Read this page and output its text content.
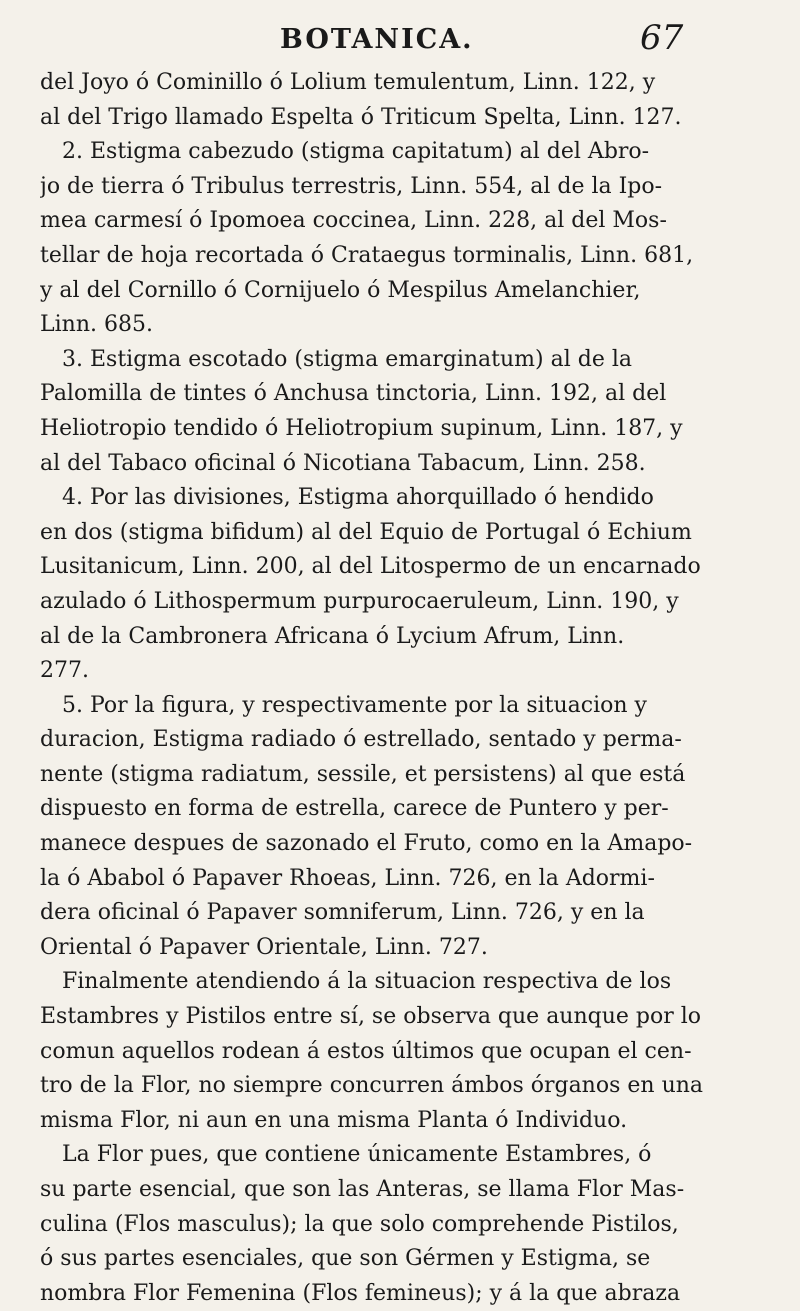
BOTANICA.	67
del Joyo ó Cominillo ó Lolium temulentum, Linn. 122, y
al del Trigo llamado Espelta ó Triticum Spelta, Linn. 127.
2. Estigma cabezudo (stigma capitatum) al del Abro-
jo de tierra ó Tribulus terrestris, Linn. 554, al de la Ipo-
mea carmesí ó Ipomoea coccinea, Linn. 228, al del Mos-
tellar de hoja recortada ó Crataegus torminalis, Linn. 681,
y al del Cornillo ó Cornijuelo ó Mespilus Amelanchier,
Linn. 685.
3. Estigma escotado (stigma emarginatum) al de la
Palomilla de tintes ó Anchusa tinctoria, Linn. 192, al del
Heliotropio tendido ó Heliotropium supinum, Linn. 187, y
al del Tabaco oficinal ó Nicotiana Tabacum, Linn. 258.
4. Por las divisiones, Estigma ahorquillado ó hendido
en dos (stigma bifidum) al del Equio de Portugal ó Echium
Lusitanicum, Linn. 200, al del Litospermo de un encarnado
azulado ó Lithospermum purpurocaeruleum, Linn. 190, y
al de la Cambronera Africana ó Lycium Afrum, Linn.
277.
5. Por la figura, y respectivamente por la situacion y
duracion, Estigma radiado ó estrellado, sentado y perma-
nente (stigma radiatum, sessile, et persistens) al que está
dispuesto en forma de estrella, carece de Puntero y per-
manece despues de sazonado el Fruto, como en la Amapo-
la ó Ababol ó Papaver Rhoeas, Linn. 726, en la Adormi-
dera oficinal ó Papaver somniferum, Linn. 726, y en la
Oriental ó Papaver Orientale, Linn. 727.
Finalmente atendiendo á la situacion respectiva de los
Estambres y Pistilos entre sí, se observa que aunque por lo
comun aquellos rodean á estos últimos que ocupan el cen-
tro de la Flor, no siempre concurren ámbos órganos en una
misma Flor, ni aun en una misma Planta ó Individuo.
La Flor pues, que contiene únicamente Estambres, ó
su parte esencial, que son las Anteras, se llama Flor Mas-
culina (Flos masculus); la que solo comprehende Pistilos,
ó sus partes esenciales, que son Gérmen y Estigma, se
nombra Flor Femenina (Flos femineus); y á la que abraza
